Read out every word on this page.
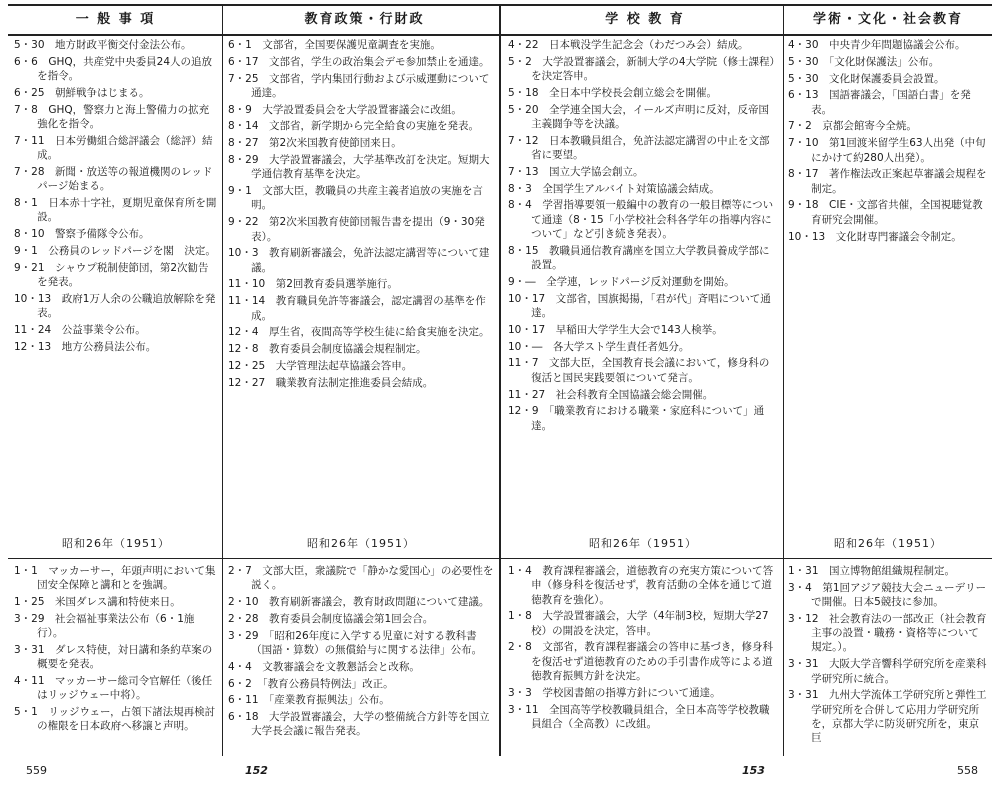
一 般 事 項	教育政策・行財政	学 校 教 育	学術・文化・社会教育
5・30　地方財政平衡交付金法公布。
6・6　GHQ，共産党中央委員24人の追放を指令。
6・25　朝鮮戦争はじまる。
7・8　GHQ，警察力と海上警備力の拡充強化を指令。
7・11　日本労働組合総評議会（総評）結成。
7・28　新聞・放送等の報道機関のレッドパージ始まる。
8・1　日本赤十字社，夏期児童保育所を開設。
8・10　警察予備隊令公布。
9・1　公務員のレッドパージを閣　決定。
9・21　シャウプ税制使節団，第2次勧告を発表。
10・13　政府1万人余の公職追放解除を発表。
11・24　公益事業令公布。
12・13　地方公務員法公布。
6・1　文部省，全国要保護児童調査を実施。
6・17　文部省，学生の政治集会デモ参加禁止を通達。
7・25　文部省，学内集団行動および示威運動について通達。
8・9　大学設置委員会を大学設置審議会に改組。
8・14　文部省，新学期から完全給食の実施を発表。
8・27　第2次米国教育使節団来日。
8・29　大学設置審議会，大学基準改訂を決定。短期大学通信教育基準を決定。
9・1　文部大臣，教職員の共産主義者追放の実施を言明。
9・22　第2次米国教育使節団報告書を提出（9・30発表）。
10・3　教育刷新審議会，免許法認定講習等について建議。
11・10　第2回教育委員選挙施行。
11・14　教育職員免許等審議会，認定講習の基準を作成。
12・4　厚生省，夜間高等学校生徒に給食実施を決定。
12・8　教育委員会制度協議会規程制定。
12・25　大学管理法起草協議会答申。
12・27　職業教育法制定推進委員会結成。
4・22　日本戦没学生記念会（わだつみ会）結成。
5・2　大学設置審議会，新制大学の4大学院（修士課程）を決定答申。
5・18　全日本中学校長会創立総会を開催。
5・20　全学連全国大会，イールズ声明に反対，反帝国主義闘争等を決議。
7・12　日本教職員組合，免許法認定講習の中止を文部省に要望。
7・13　国立大学協会創立。
8・3　全国学生アルバイト対策協議会結成。
8・4　学習指導要領一般編中の教育の一般目標等について通達（8・15「小学校社会科各学年の指導内容について」など引き続き発表）。
8・15　教職員通信教育講座を国立大学教員養成学部に設置。
9・―　全学連，レッドパージ反対運動を開始。
10・17　文部省，国旗掲揚，「君が代」斉唱について通達。
10・17　早稲田大学学生大会で143人検挙。
10・―　各大学スト学生責任者処分。
11・7　文部大臣，全国教育長会議において，修身科の復活と国民実践要領について発言。
11・27　社会科教育全国協議会総会開催。
12・9　「職業教育における職業・家庭科について」通達。
4・30　中央青少年問題協議会公布。
5・30　「文化財保護法」公布。
5・30　文化財保護委員会設置。
6・13　国語審議会，「国語白書」を発表。
7・2　京都会館寄今全焼。
7・10　第1回渡米留学生63人出発（中旬にかけて約280人出発）。
8・17　著作権法改正案起草審議会規程を制定。
9・18　CIE・文部省共催，全国視聴覚教育研究会開催。
10・13　文化財専門審議会令制定。
昭和26年（1951）	昭和26年（1951）	昭和26年（1951）	昭和26年（1951）
1・1　マッカーサー，年頭声明において集団安全保障と講和とを強調。
1・25　米国ダレス講和特使来日。
3・29　社会福祉事業法公布（6・1施行）。
3・31　ダレス特使，対日講和条約草案の概要を発表。
4・11　マッカーサー総司令官解任（後任はリッジウェー中将）。
5・1　リッジウェー，占領下諸法規再検討の権限を日本政府へ移譲と声明。
2・7　文部大臣，衆議院で「静かな愛国心」の必要性を説く。
2・10　教育刷新審議会，教育財政問題について建議。
2・28　教育委員会制度協議会第1回会合。
3・29　「昭和26年度に入学する児童に対する教科書（国語・算数）の無償給与に関する法律」公布。
4・4　文教審議会を文教懇話会と改称。
6・2　「教育公務員特例法」改正。
6・11　「産業教育振興法」公布。
6・18　大学設置審議会，大学の整備統合方針等を国立大学長会議に報告発表。
1・4　教育課程審議会，道徳教育の充実方策について答申（修身科を復活せず，教育活動の全体を通じて道徳教育を強化）。
1・8　大学設置審議会，大学（4年制3校，短期大学27校）の開設を決定，答申。
2・8　文部省，教育課程審議会の答申に基づき，修身科を復活せず道徳教育のための手引書作成等による道徳教育振興方針を決定。
3・3　学校図書館の指導方針について通達。
3・11　全国高等学校教職員組合，全日本高等学校教職員組合（全高教）に改組。
1・31　国立博物館組織規程制定。
3・4　第1回アジア競技大会ニューデリーで開催。日本5競技に参加。
3・12　社会教育法の一部改正（社会教育主事の設置・職務・資格等について規定。）。
3・31　大阪大学音響科学研究所を産業科学研究所に統合。
3・31　九州大学流体工学研究所と弾性工学研究所を合併して応用力学研究所を，京都大学に防災研究所を，東京巨
559	152	153	558
